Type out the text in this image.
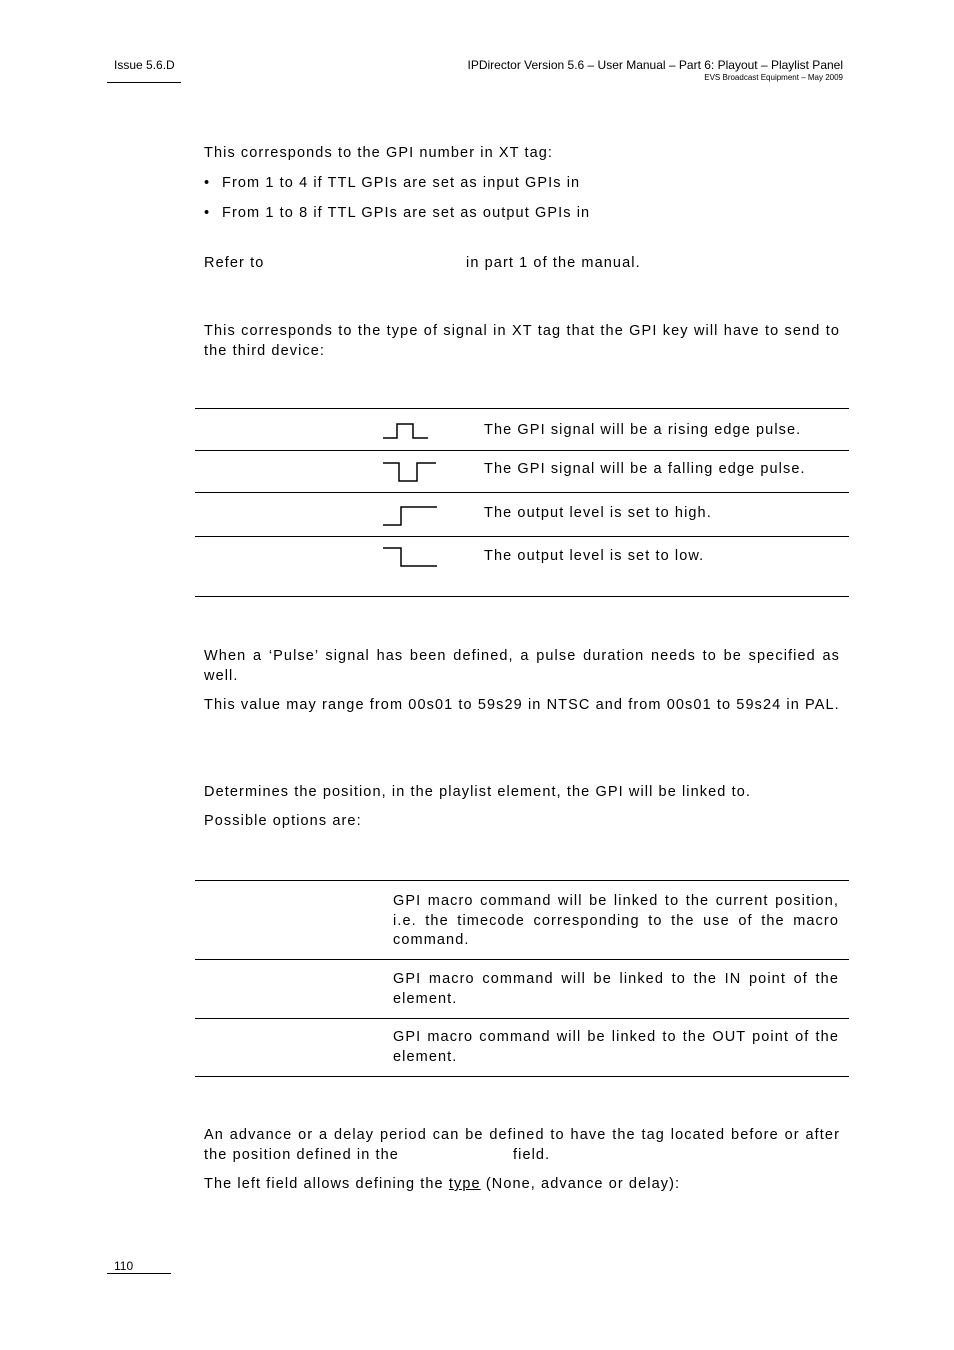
Issue 5.6.D	IPDirector Version 5.6 – User Manual – Part 6: Playout – Playlist Panel
EVS Broadcast Equipment – May 2009
This corresponds to the GPI number in XT tag:
• From 1 to 4 if TTL GPIs are set as input GPIs in
• From 1 to 8 if TTL GPIs are set as output GPIs in
Refer to	in part 1 of the manual.
This corresponds to the type of signal in XT tag that the GPI key will have to send to the third device:
The GPI signal will be a rising edge pulse.
The GPI signal will be a falling edge pulse.
The output level is set to high.
The output level is set to low.
When a ‘Pulse’ signal has been defined, a pulse duration needs to be specified as well.
This value may range from 00s01 to 59s29 in NTSC and from 00s01 to 59s24 in PAL.
Determines the position, in the playlist element, the GPI will be linked to.
Possible options are:
GPI macro command will be linked to the current position, i.e. the timecode corresponding to the use of the macro command.
GPI macro command will be linked to the IN point of the element.
GPI macro command will be linked to the OUT point of the element.
An advance or a delay period can be defined to have the tag located before or after the position defined in the	field.
The left field allows defining the type (None, advance or delay):
110
